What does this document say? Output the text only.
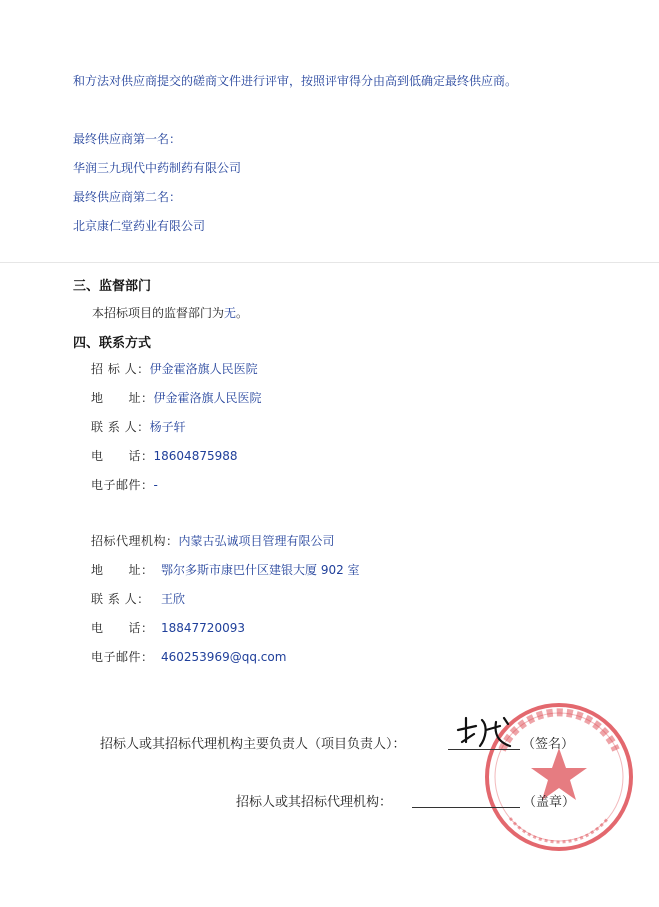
和方法对供应商提交的磋商文件进行评审，按照评审得分由高到低确定最终供应商。
最终供应商第一名：
华润三九现代中药制药有限公司
最终供应商第二名：
北京康仁堂药业有限公司
三、监督部门
本招标项目的监督部门为无。
四、联系方式
招 标 人：伊金霍洛旗人民医院
地　　址：伊金霍洛旗人民医院
联 系 人：杨子轩
电　　话：18604875988
电子邮件：-
招标代理机构：内蒙古弘诚项目管理有限公司
地　　址： 鄂尔多斯市康巴什区建银大厦 902 室
联 系 人： 王欣
电　　话： 18847720093
电子邮件： 460253969@qq.com
招标人或其招标代理机构主要负责人（项目负责人）：	（签名）
招标人或其招标代理机构：	（盖章）
